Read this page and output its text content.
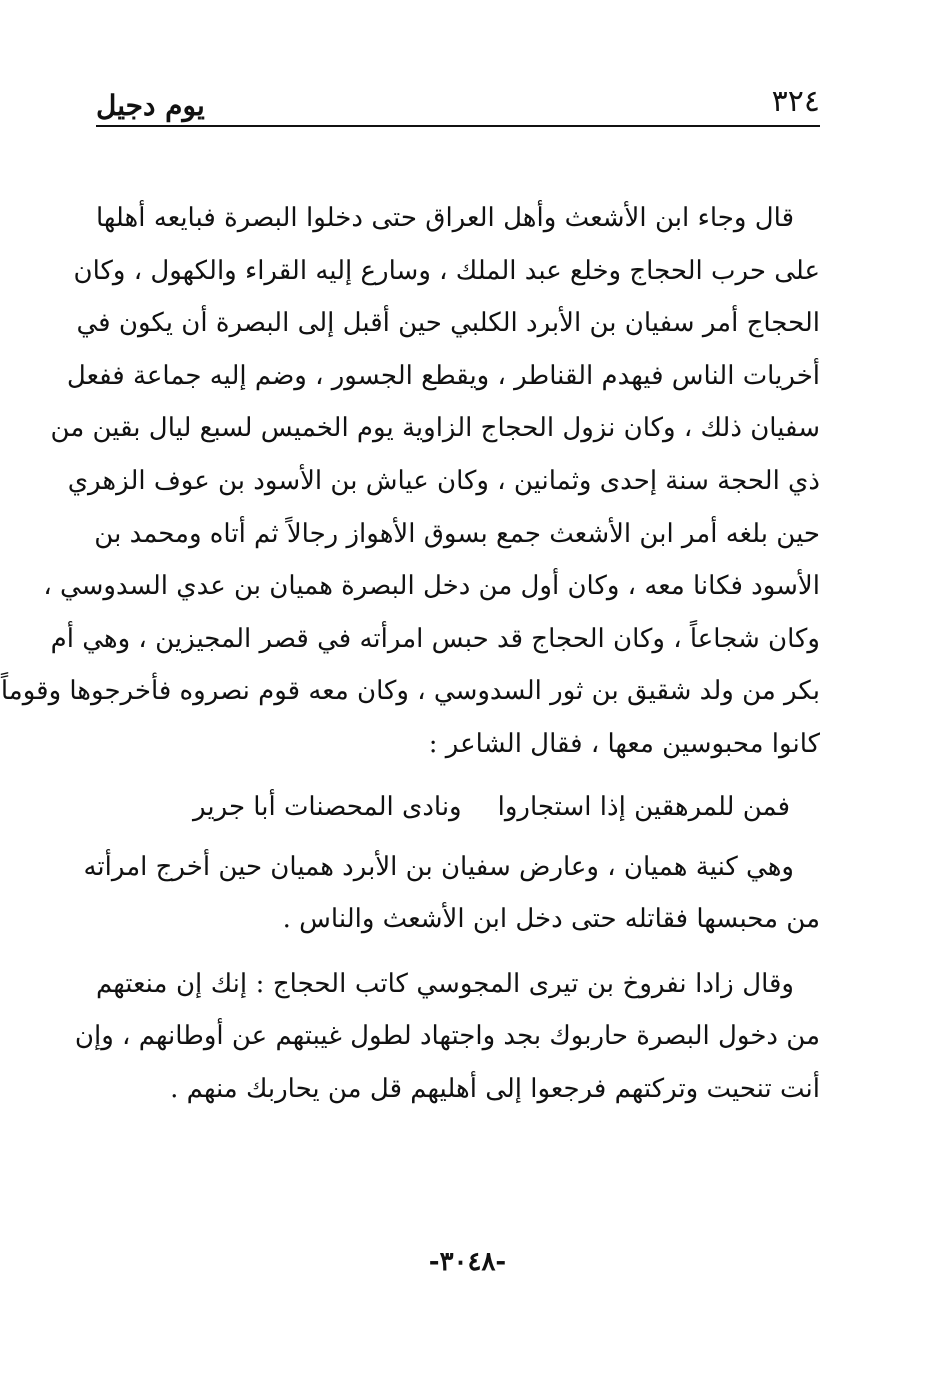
٣٢٤
يوم دجيل

قال وجاء ابن الأشعث وأهل العراق حتى دخلوا البصرة فبايعه أهلها
على حرب الحجاج وخلع عبد الملك ، وسارع إليه القراء والكهول ، وكان
الحجاج أمر سفيان بن الأبرد الكلبي حين أقبل إلى البصرة أن يكون في
أخريات الناس فيهدم القناطر ، ويقطع الجسور ، وضم إليه جماعة ففعل
سفيان ذلك ، وكان نزول الحجاج الزاوية يوم الخميس لسبع ليال بقين من
ذي الحجة سنة إحدى وثمانين ، وكان عياش بن الأسود بن عوف الزهري
حين بلغه أمر ابن الأشعث جمع بسوق الأهواز رجالاً ثم أتاه ومحمد بن
الأسود فكانا معه ، وكان أول من دخل البصرة هميان بن عدي السدوسي ،
وكان شجاعاً ، وكان الحجاج قد حبس امرأته في قصر المجيزين ، وهي أم
بكر من ولد شقيق بن ثور السدوسي ، وكان معه قوم نصروه فأخرجوها وقوماً
كانوا محبوسين معها ، فقال الشاعر :

فمن للمرهقين إذا استجاروا
ونادى المحصنات أبا جرير

وهي كنية هميان ، وعارض سفيان بن الأبرد هميان حين أخرج امرأته
من محبسها فقاتله حتى دخل ابن الأشعث والناس .

وقال زادا نفروخ بن تيرى المجوسي كاتب الحجاج : إنك إن منعتهم
من دخول البصرة حاربوك بجد واجتهاد لطول غيبتهم عن أوطانهم ، وإن
أنت تنحيت وتركتهم فرجعوا إلى أهليهم قل من يحاربك منهم .

-٣٠٤٨-
